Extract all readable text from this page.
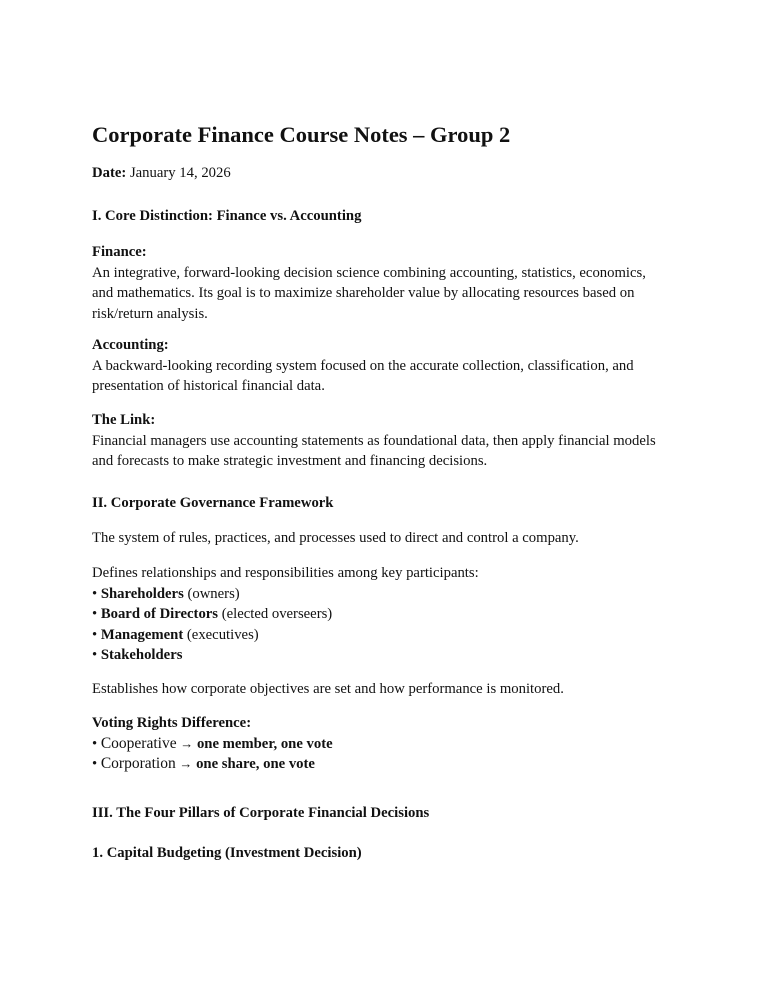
Corporate Finance Course Notes – Group 2
Date: January 14, 2026
I. Core Distinction: Finance vs. Accounting
Finance:
An integrative, forward-looking decision science combining accounting, statistics, economics,
and mathematics. Its goal is to maximize shareholder value by allocating resources based on
risk/return analysis.
Accounting:
A backward-looking recording system focused on the accurate collection, classification, and
presentation of historical financial data.
The Link:
Financial managers use accounting statements as foundational data, then apply financial models
and forecasts to make strategic investment and financing decisions.
II. Corporate Governance Framework
The system of rules, practices, and processes used to direct and control a company.
Defines relationships and responsibilities among key participants:
• Shareholders (owners)
• Board of Directors (elected overseers)
• Management (executives)
• Stakeholders
Establishes how corporate objectives are set and how performance is monitored.
Voting Rights Difference:
• Cooperative → one member, one vote
• Corporation → one share, one vote
III. The Four Pillars of Corporate Financial Decisions
1. Capital Budgeting (Investment Decision)
